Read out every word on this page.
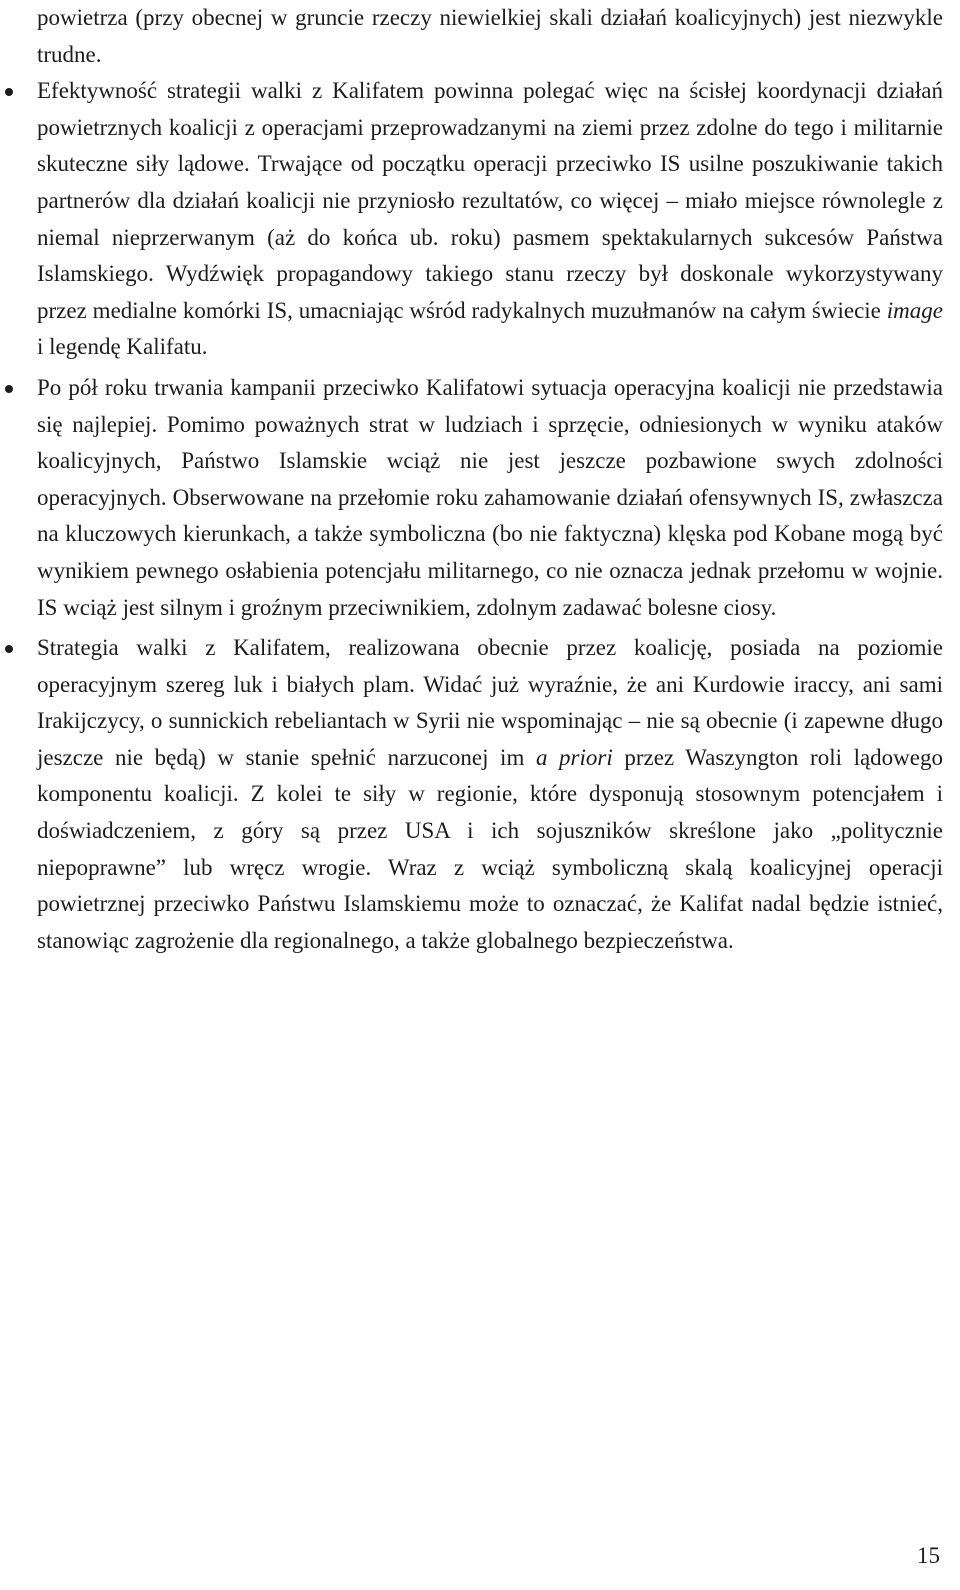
powietrza (przy obecnej w gruncie rzeczy niewielkiej skali działań koalicyjnych) jest niezwykle trudne.

Efektywność strategii walki z Kalifatem powinna polegać więc na ścisłej koordynacji działań powietrznych koalicji z operacjami przeprowadzanymi na ziemi przez zdolne do tego i militarnie skuteczne siły lądowe. Trwające od początku operacji przeciwko IS usilne poszukiwanie takich partnerów dla działań koalicji nie przyniosło rezultatów, co więcej – miało miejsce równolegle z niemal nieprzerwanym (aż do końca ub. roku) pasmem spektakularnych sukcesów Państwa Islamskiego. Wydźwięk propagandowy takiego stanu rzeczy był doskonale wykorzystywany przez medialne komórki IS, umacniając wśród radykalnych muzułmanów na całym świecie image i legendę Kalifatu.

Po pół roku trwania kampanii przeciwko Kalifatowi sytuacja operacyjna koalicji nie przedstawia się najlepiej. Pomimo poważnych strat w ludziach i sprzęcie, odniesionych w wyniku ataków koalicyjnych, Państwo Islamskie wciąż nie jest jeszcze pozbawione swych zdolności operacyjnych. Obserwowane na przełomie roku zahamowanie działań ofensywnych IS, zwłaszcza na kluczowych kierunkach, a także symboliczna (bo nie faktyczna) klęska pod Kobane mogą być wynikiem pewnego osłabienia potencjału militarnego, co nie oznacza jednak przełomu w wojnie. IS wciąż jest silnym i groźnym przeciwnikiem, zdolnym zadawać bolesne ciosy.

Strategia walki z Kalifatem, realizowana obecnie przez koalicję, posiada na poziomie operacyjnym szereg luk i białych plam. Widać już wyraźnie, że ani Kurdowie iraccy, ani sami Irakijczycy, o sunnickich rebeliantach w Syrii nie wspominając – nie są obecnie (i zapewne długo jeszcze nie będą) w stanie spełnić narzuconej im a priori przez Waszyngton roli lądowego komponentu koalicji. Z kolei te siły w regionie, które dysponują stosownym potencjałem i doświadczeniem, z góry są przez USA i ich sojuszników skreślone jako „politycznie niepoprawne” lub wręcz wrogie. Wraz z wciąż symboliczną skalą koalicyjnej operacji powietrznej przeciwko Państwu Islamskiemu może to oznaczać, że Kalifat nadal będzie istnieć, stanowiąc zagrożenie dla regionalnego, a także globalnego bezpieczeństwa.

15
